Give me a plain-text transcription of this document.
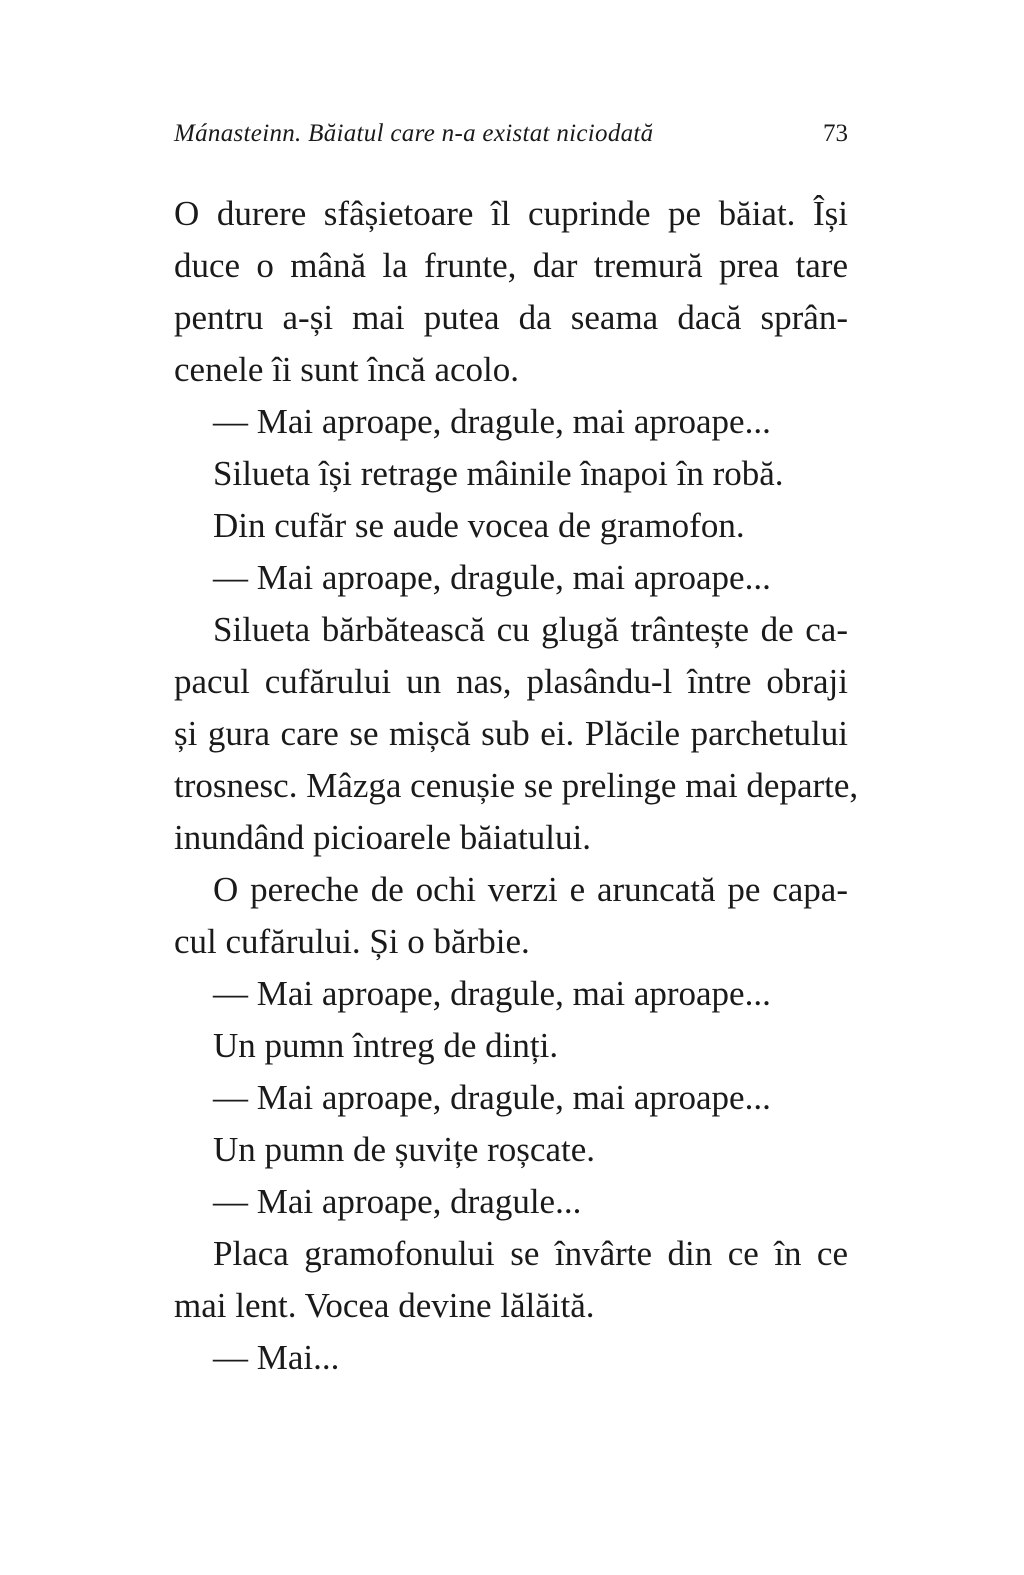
Mánasteinn. Băiatul care n-a existat niciodată	73
O durere sfâșietoare îl cuprinde pe băiat. Își
duce o mână la frunte, dar tremură prea tare
pentru a-și mai putea da seama dacă sprân-
cenele îi sunt încă acolo.
— Mai aproape, dragule, mai aproape...
Silueta își retrage mâinile înapoi în robă.
Din cufăr se aude vocea de gramofon.
— Mai aproape, dragule, mai aproape...
Silueta bărbătească cu glugă trântește de ca-
pacul cufărului un nas, plasându-l între obraji
și gura care se mișcă sub ei. Plăcile parchetului
trosnesc. Mâzga cenușie se prelinge mai departe,
inundând picioarele băiatului.
O pereche de ochi verzi e aruncată pe capa-
cul cufărului. Și o bărbie.
— Mai aproape, dragule, mai aproape...
Un pumn întreg de dinți.
— Mai aproape, dragule, mai aproape...
Un pumn de șuvițe roșcate.
— Mai aproape, dragule...
Placa gramofonului se învârte din ce în ce
mai lent. Vocea devine lălăită.
— Mai...
